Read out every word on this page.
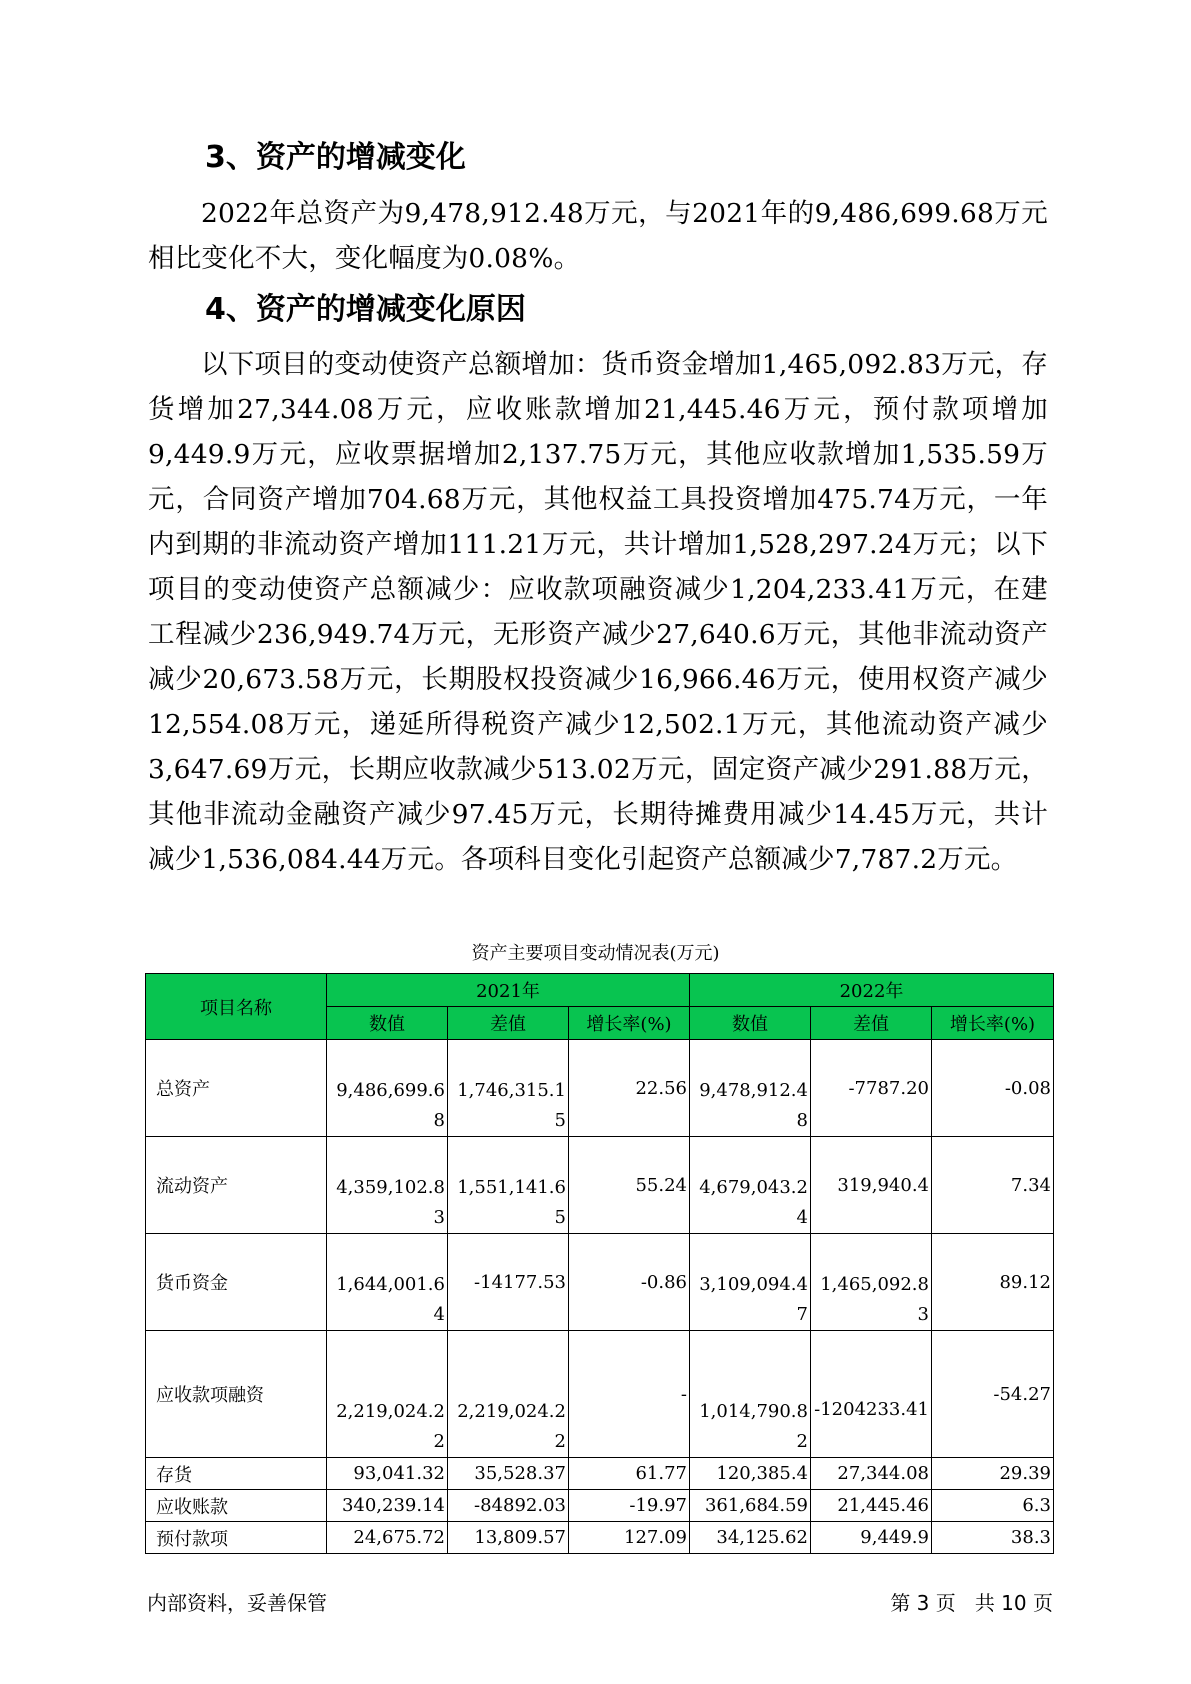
3、资产的增减变化

2022年总资产为9,478,912.48万元，与2021年的9,486,699.68万元相比变化不大，变化幅度为0.08%。

4、资产的增减变化原因

以下项目的变动使资产总额增加：货币资金增加1,465,092.83万元，存货增加27,344.08万元，应收账款增加21,445.46万元，预付款项增加9,449.9万元，应收票据增加2,137.75万元，其他应收款增加1,535.59万元，合同资产增加704.68万元，其他权益工具投资增加475.74万元，一年内到期的非流动资产增加111.21万元，共计增加1,528,297.24万元；以下项目的变动使资产总额减少：应收款项融资减少1,204,233.41万元，在建工程减少236,949.74万元，无形资产减少27,640.6万元，其他非流动资产减少20,673.58万元，长期股权投资减少16,966.46万元，使用权资产减少12,554.08万元，递延所得税资产减少12,502.1万元，其他流动资产减少3,647.69万元，长期应收款减少513.02万元，固定资产减少291.88万元，其他非流动金融资产减少97.45万元，长期待摊费用减少14.45万元，共计减少1,536,084.44万元。各项科目变化引起资产总额减少7,787.2万元。

资产主要项目变动情况表(万元)
项目名称	2021年			2022年		
	数值	差值	增长率(%)	数值	差值	增长率(%)
总资产	9,486,699.68	1,746,315.15	22.56	9,478,912.48	-7787.20	-0.08
流动资产	4,359,102.83	1,551,141.65	55.24	4,679,043.24	319,940.4	7.34
货币资金	1,644,001.64	-14177.53	-0.86	3,109,094.47	1,465,092.83	89.12
应收款项融资	2,219,024.22	2,219,024.22	-	1,014,790.82	-1204233.41	-54.27
存货	93,041.32	35,528.37	61.77	120,385.4	27,344.08	29.39
应收账款	340,239.14	-84892.03	-19.97	361,684.59	21,445.46	6.3
预付款项	24,675.72	13,809.57	127.09	34,125.62	9,449.9	38.3
内部资料，妥善保管	第 3 页   共 10 页
